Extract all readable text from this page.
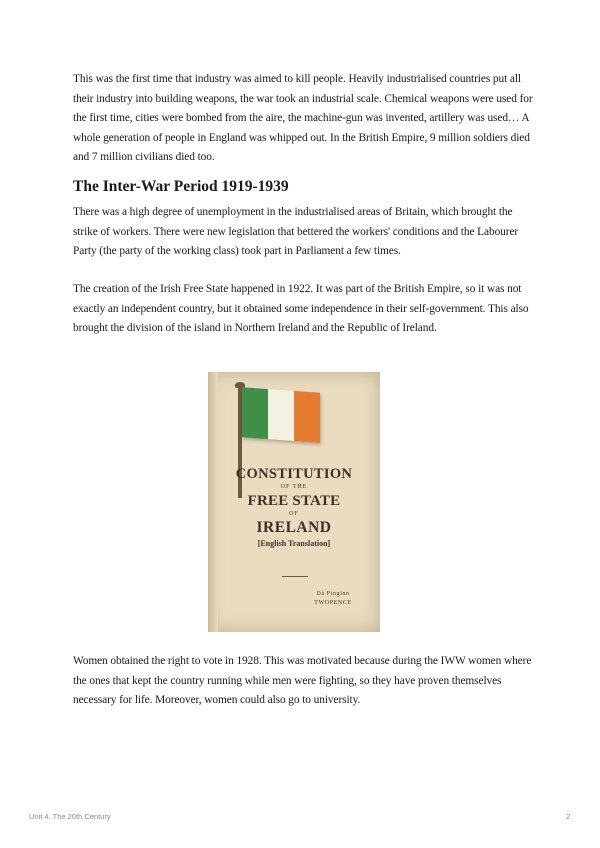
This was the first time that industry was aimed to kill people. Heavily industrialised countries put all their industry into building weapons, the war took an industrial scale. Chemical weapons were used for the first time, cities were bombed from the aire, the machine-gun was invented, artillery was used… A whole generation of people in England was whipped out. In the British Empire, 9 million soldiers died and 7 million civilians died too.

The Inter-War Period 1919-1939

There was a high degree of unemployment in the industrialised areas of Britain, which brought the strike of workers. There were new legislation that bettered the workers' conditions and the Labourer Party (the party of the working class) took part in Parliament a few times.

The creation of the Irish Free State happened in 1922. It was part of the British Empire, so it was not exactly an independent country, but it obtained some independence in their self-government. This also brought the division of the island in Northern Ireland and the Republic of Ireland.

CONSTITUTION
OF THE
FREE STATE
OF
IRELAND
[English Translation]
Dá Pinginn
TWOPENCE

Women obtained the right to vote in 1928. This was motivated because during the IWW women where the ones that kept the country running while men were fighting, so they have proven themselves necessary for life. Moreover, women could also go to university.

Unit 4. The 20th Century	2
